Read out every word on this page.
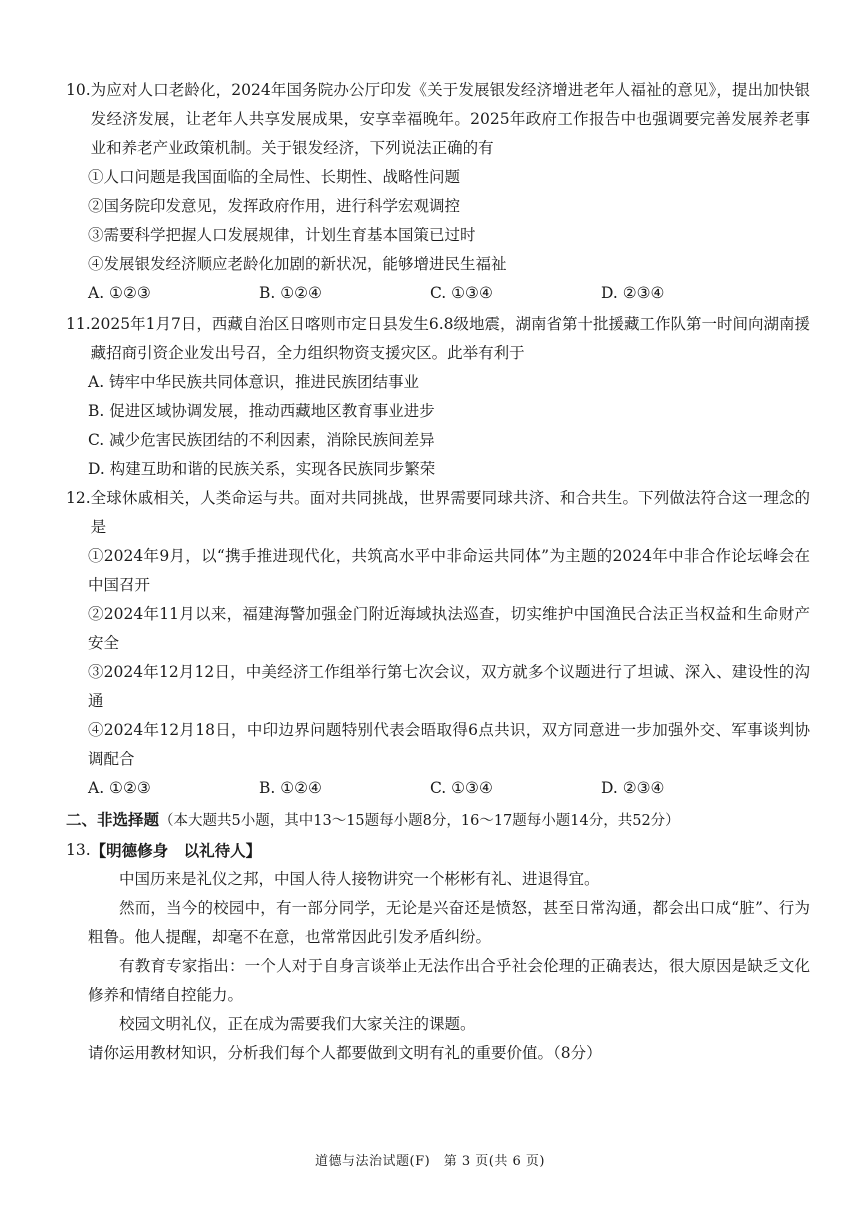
10. 为应对人口老龄化，2024年国务院办公厅印发《关于发展银发经济增进老年人福祉的意见》，提出加快银发经济发展，让老年人共享发展成果，安享幸福晚年。2025年政府工作报告中也强调要完善发展养老事业和养老产业政策机制。关于银发经济，下列说法正确的有
①人口问题是我国面临的全局性、长期性、战略性问题
②国务院印发意见，发挥政府作用，进行科学宏观调控
③需要科学把握人口发展规律，计划生育基本国策已过时
④发展银发经济顺应老龄化加剧的新状况，能够增进民生福祉
A. ①②③	B. ①②④	C. ①③④	D. ②③④
11. 2025年1月7日，西藏自治区日喀则市定日县发生6.8级地震，湖南省第十批援藏工作队第一时间向湖南援藏招商引资企业发出号召，全力组织物资支援灾区。此举有利于
A. 铸牢中华民族共同体意识，推进民族团结事业
B. 促进区域协调发展，推动西藏地区教育事业进步
C. 减少危害民族团结的不利因素，消除民族间差异
D. 构建互助和谐的民族关系，实现各民族同步繁荣
12. 全球休戚相关，人类命运与共。面对共同挑战，世界需要同球共济、和合共生。下列做法符合这一理念的是
①2024年9月，以“携手推进现代化，共筑高水平中非命运共同体”为主题的2024年中非合作论坛峰会在中国召开
②2024年11月以来，福建海警加强金门附近海域执法巡查，切实维护中国渔民合法正当权益和生命财产安全
③2024年12月12日，中美经济工作组举行第七次会议，双方就多个议题进行了坦诚、深入、建设性的沟通
④2024年12月18日，中印边界问题特别代表会晤取得6点共识，双方同意进一步加强外交、军事谈判协调配合
A. ①②③	B. ①②④	C. ①③④	D. ②③④
二、非选择题（本大题共5小题，其中13～15题每小题8分，16～17题每小题14分，共52分）
13. 【明德修身　以礼待人】
中国历来是礼仪之邦，中国人待人接物讲究一个彬彬有礼、进退得宜。
然而，当今的校园中，有一部分同学，无论是兴奋还是愤怒，甚至日常沟通，都会出口成“脏”、行为粗鲁。他人提醒，却毫不在意，也常常因此引发矛盾纠纷。
有教育专家指出：一个人对于自身言谈举止无法作出合乎社会伦理的正确表达，很大原因是缺乏文化修养和情绪自控能力。
校园文明礼仪，正在成为需要我们大家关注的课题。
请你运用教材知识，分析我们每个人都要做到文明有礼的重要价值。（8分）
道德与法治试题(F)　第 3 页(共 6 页)
